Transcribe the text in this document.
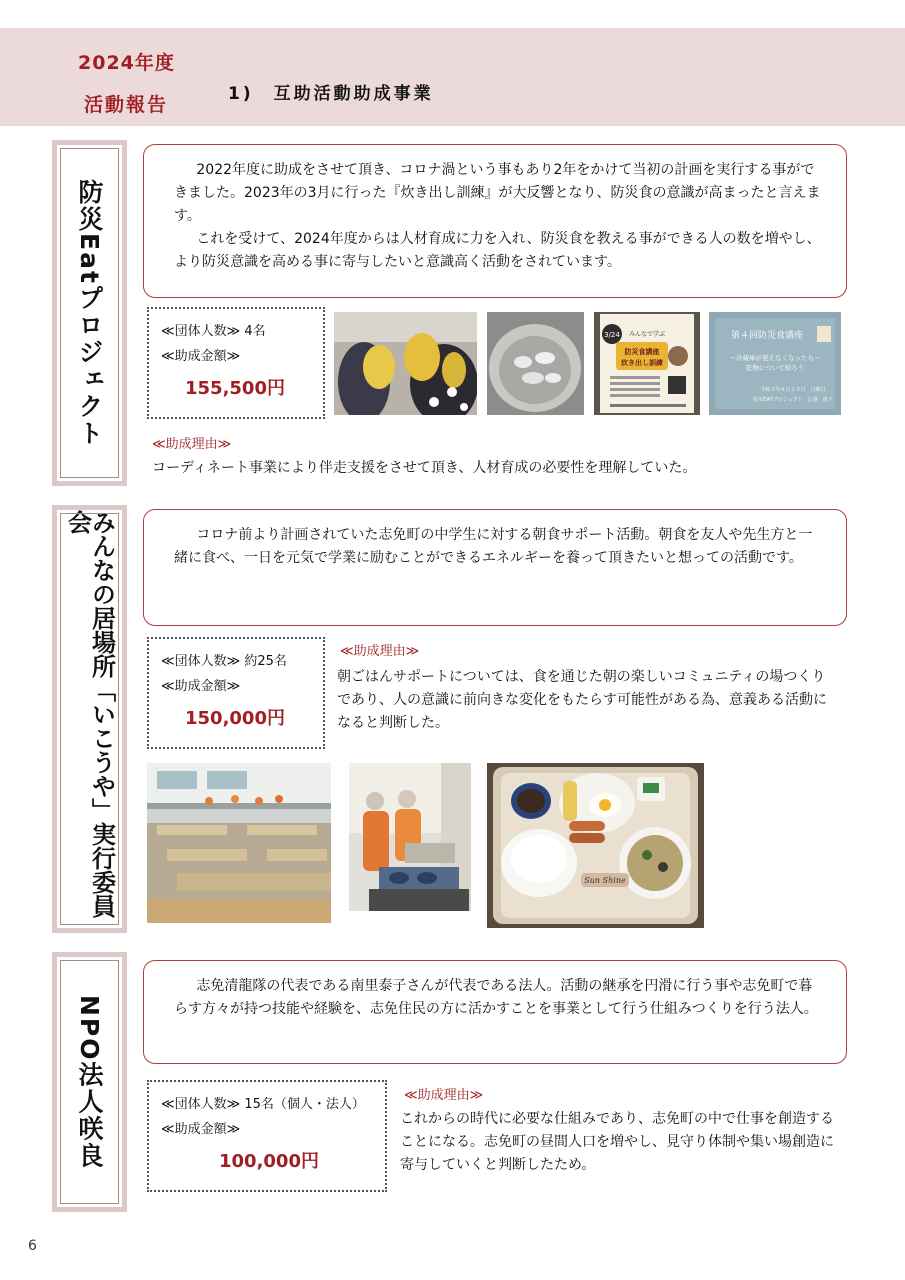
2024年度
活動報告	1)　互助活動助成事業
防災Eatプロジェクト

2022年度に助成をさせて頂き、コロナ渦という事もあり2年をかけて当初の計画を実行する事ができました。2023年の3月に行った『炊き出し訓練』が大反響となり、防災食の意識が高まったと言えます。

これを受けて、2024年度からは人材育成に力を入れ、防災食を教える事ができる人の数を増やし、より防災意識を高める事に寄与したいと意識高く活動をされています。

≪団体人数≫ 4名
≪助成金額≫
155,500円
3/24 みんなで学ぶ
防災食講座
炊き出し訓練
第４回防災食講座
～冷蔵庫が使えなくなったら～
乾物について知ろう
令和５年８月２９日　日曜日
防災EATプロジェクト　江副　貴子
≪助成理由≫
コーディネート事業により伴走支援をさせて頂き、人材育成の必要性を理解していた。
みんなの居場所「いこうや」実行委員会

コロナ前より計画されていた志免町の中学生に対する朝食サポート活動。朝食を友人や先生方と一緒に食べ、一日を元気で学業に励むことができるエネルギーを養って頂きたいと想っての活動です。

≪団体人数≫ 約25名
≪助成金額≫
150,000円
≪助成理由≫
朝ごはんサポートについては、食を通じた朝の楽しいコミュニティの場つくりであり、人の意識に前向きな変化をもたらす可能性がある為、意義ある活動になると判断した。
Sun Shine
NPO法人咲良

志免清龍隊の代表である南里泰子さんが代表である法人。活動の継承を円滑に行う事や志免町で暮らす方々が持つ技能や経験を、志免住民の方に活かすことを事業として行う仕組みつくりを行う法人。

≪団体人数≫ 15名（個人・法人）
≪助成金額≫
100,000円
≪助成理由≫
これからの時代に必要な仕組みであり、志免町の中で仕事を創造することになる。志免町の昼間人口を増やし、見守り体制や集い場創造に寄与していくと判断したため。
6
